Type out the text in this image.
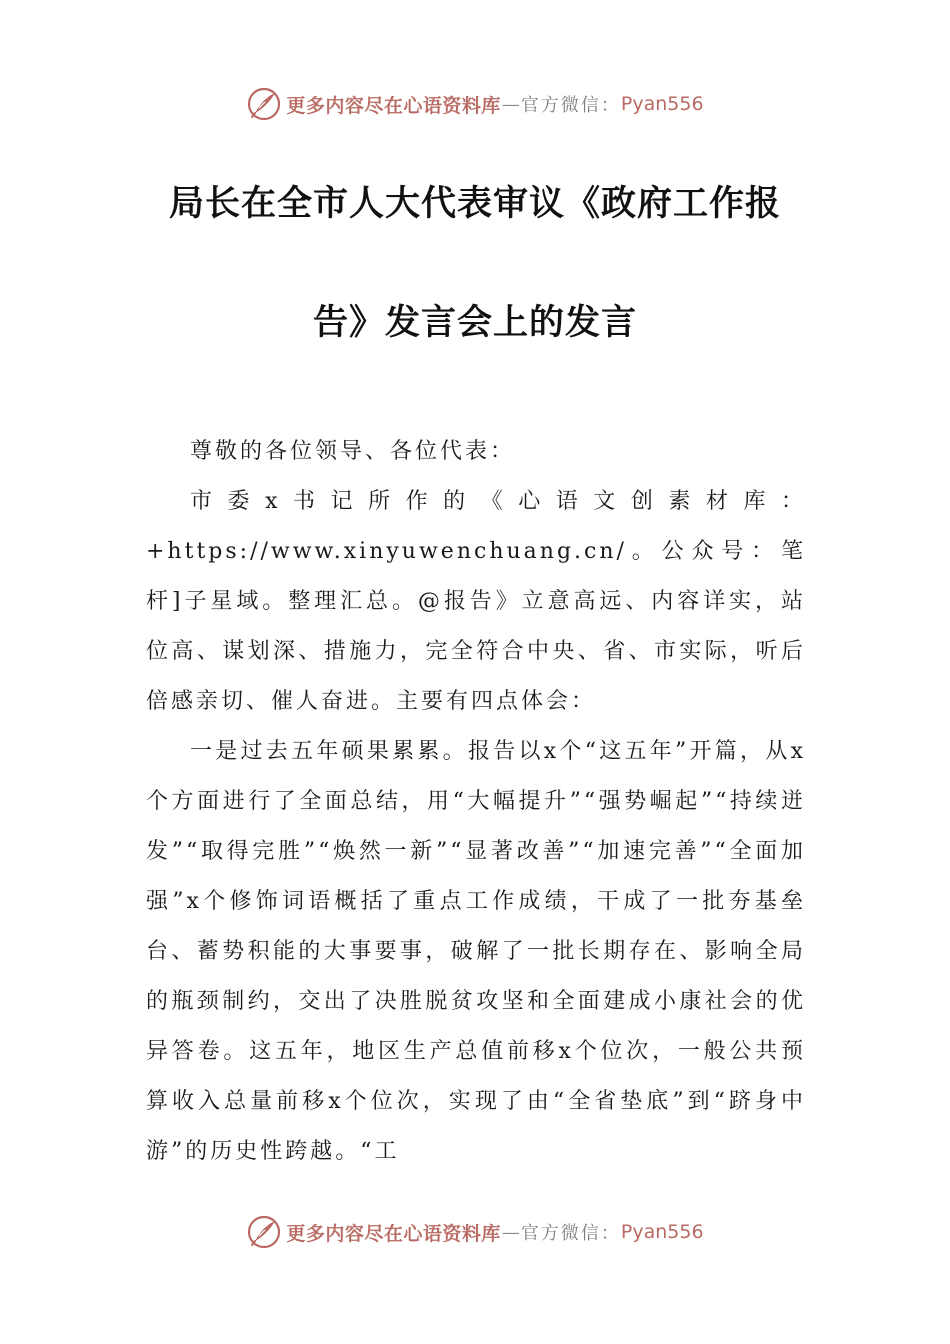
更多内容尽在心语资料库 — 官方微信： Pyan556
局长在全市人大代表审议《政府工作报
告》发言会上的发言

尊敬的各位领导、各位代表：

市委x书记所作的《心语文创素材库：+https://www.xinyuwenchuang.cn/。公众号：笔杆]子星域。整理汇总。@报告》立意高远、内容详实，站位高、谋划深、措施力，完全符合中央、省、市实际，听后倍感亲切、催人奋进。主要有四点体会：

一是过去五年硕果累累。报告以x个“这五年”开篇，从x个方面进行了全面总结，用“大幅提升”“强势崛起”“持续迸发”“取得完胜”“焕然一新”“显著改善”“加速完善”“全面加强”x个修饰词语概括了重点工作成绩，干成了一批夯基垒台、蓄势积能的大事要事，破解了一批长期存在、影响全局的瓶颈制约，交出了决胜脱贫攻坚和全面建成小康社会的优异答卷。这五年，地区生产总值前移x个位次，一般公共预算收入总量前移x个位次，实现了由“全省垫底”到“跻身中游”的历史性跨越。“工

更多内容尽在心语资料库 — 官方微信： Pyan556
